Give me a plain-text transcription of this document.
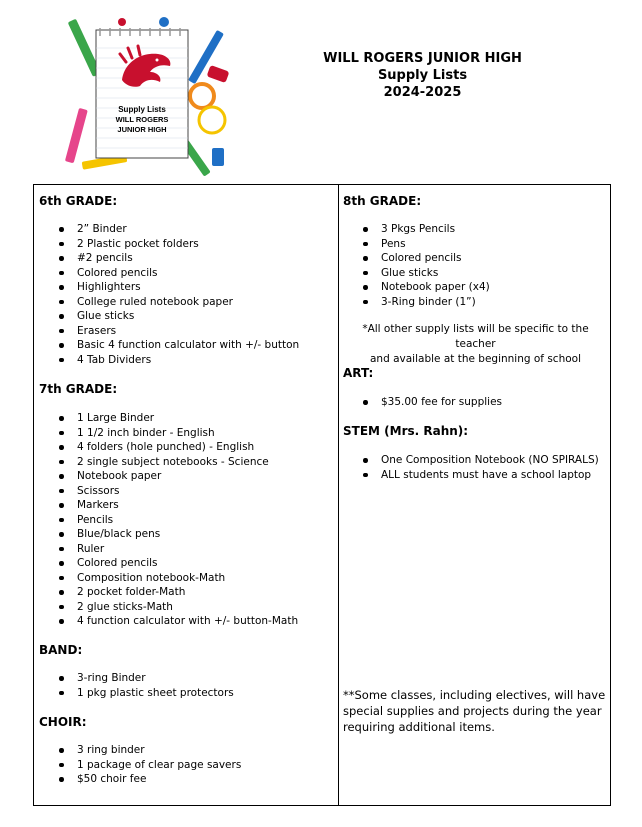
Supply Lists
WILL ROGERS
JUNIOR HIGH
WILL ROGERS JUNIOR HIGH
Supply Lists
2024-2025
6th GRADE:
2” Binder
2 Plastic pocket folders
#2 pencils
Colored pencils
Highlighters
College ruled notebook paper
Glue sticks
Erasers
Basic 4 function calculator with +/- button
4 Tab Dividers
7th GRADE:
1 Large Binder
1 1/2 inch binder - English
4 folders (hole punched) - English
2 single subject notebooks - Science
Notebook paper
Scissors
Markers
Pencils
Blue/black pens
Ruler
Colored pencils
Composition notebook-Math
2 pocket folder-Math
2 glue sticks-Math
4 function calculator with +/- button-Math
BAND:
3-ring Binder
1 pkg plastic sheet protectors
CHOIR:
3 ring binder
1 package of clear page savers
$50 choir fee
8th GRADE:
3 Pkgs Pencils
Pens
Colored pencils
Glue sticks
Notebook paper (x4)
3-Ring binder (1”)
*All other supply lists will be specific to the teacher
and available at the beginning of school
ART:
$35.00 fee for supplies
STEM (Mrs. Rahn):
One Composition Notebook (NO SPIRALS)
ALL students must have a school laptop
**Some classes, including electives, will have
special supplies and projects during the year
requiring additional items.
